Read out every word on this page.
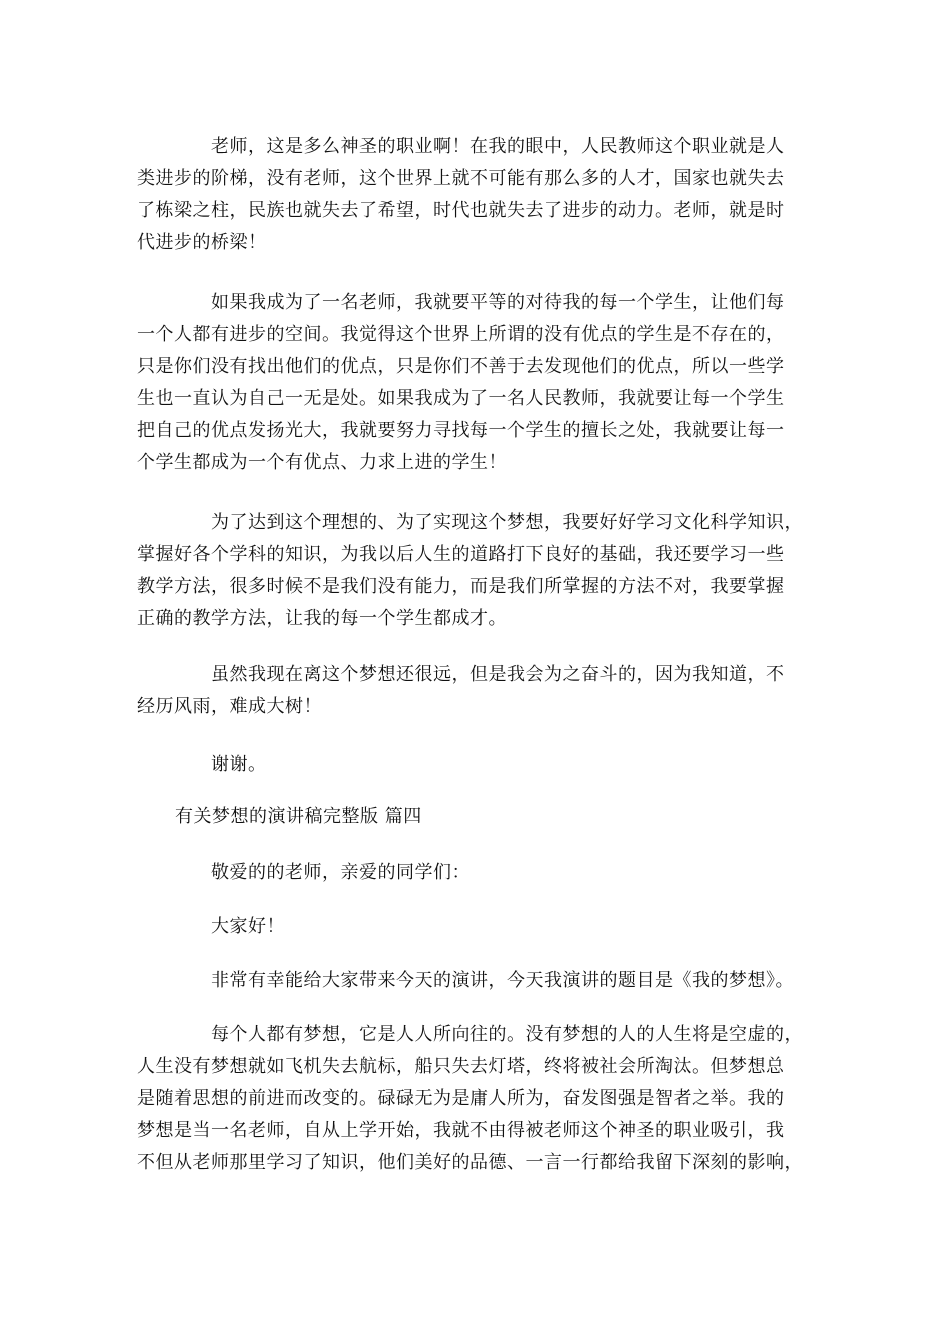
老师，这是多么神圣的职业啊！在我的眼中，人民教师这个职业就是人
类进步的阶梯，没有老师，这个世界上就不可能有那么多的人才，国家也就失去
了栋梁之柱，民族也就失去了希望，时代也就失去了进步的动力。老师，就是时
代进步的桥梁！
如果我成为了一名老师，我就要平等的对待我的每一个学生，让他们每
一个人都有进步的空间。我觉得这个世界上所谓的没有优点的学生是不存在的，
只是你们没有找出他们的优点，只是你们不善于去发现他们的优点，所以一些学
生也一直认为自己一无是处。如果我成为了一名人民教师，我就要让每一个学生
把自己的优点发扬光大，我就要努力寻找每一个学生的擅长之处，我就要让每一
个学生都成为一个有优点、力求上进的学生！
为了达到这个理想的、为了实现这个梦想，我要好好学习文化科学知识，
掌握好各个学科的知识，为我以后人生的道路打下良好的基础，我还要学习一些
教学方法，很多时候不是我们没有能力，而是我们所掌握的方法不对，我要掌握
正确的教学方法，让我的每一个学生都成才。
虽然我现在离这个梦想还很远，但是我会为之奋斗的，因为我知道，不
经历风雨，难成大树！
谢谢。
有关梦想的演讲稿完整版 篇四
敬爱的的老师，亲爱的同学们：
大家好！
非常有幸能给大家带来今天的演讲，今天我演讲的题目是《我的梦想》。
每个人都有梦想，它是人人所向往的。没有梦想的人的人生将是空虚的，
人生没有梦想就如飞机失去航标，船只失去灯塔，终将被社会所淘汰。但梦想总
是随着思想的前进而改变的。碌碌无为是庸人所为，奋发图强是智者之举。我的
梦想是当一名老师，自从上学开始，我就不由得被老师这个神圣的职业吸引，我
不但从老师那里学习了知识，他们美好的品德、一言一行都给我留下深刻的影响，
